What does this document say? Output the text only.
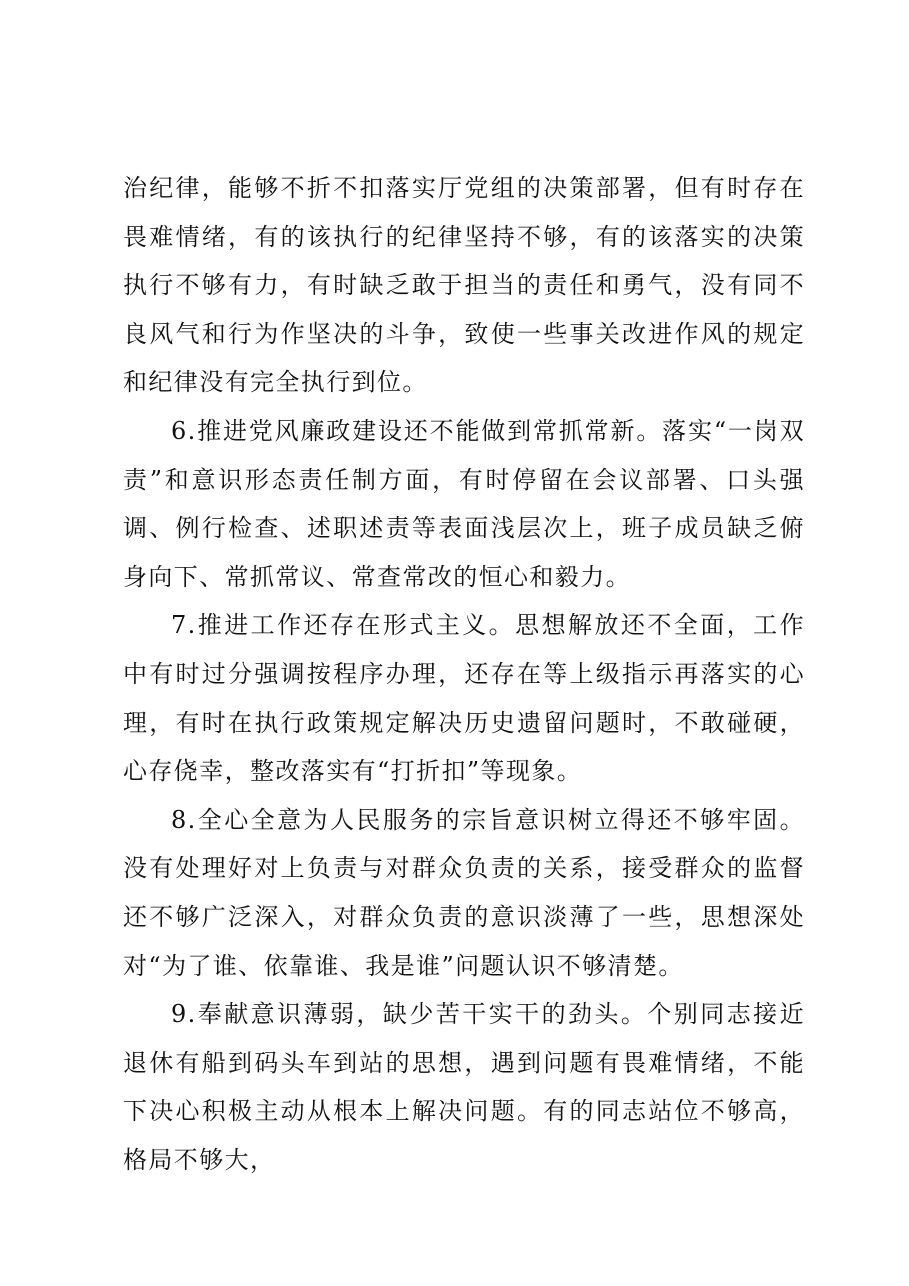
治纪律，能够不折不扣落实厅党组的决策部署，但有时存在畏难情绪，有的该执行的纪律坚持不够，有的该落实的决策执行不够有力，有时缺乏敢于担当的责任和勇气，没有同不良风气和行为作坚决的斗争，致使一些事关改进作风的规定和纪律没有完全执行到位。

6.推进党风廉政建设还不能做到常抓常新。落实“一岗双责”和意识形态责任制方面，有时停留在会议部署、口头强调、例行检查、述职述责等表面浅层次上，班子成员缺乏俯身向下、常抓常议、常查常改的恒心和毅力。

7.推进工作还存在形式主义。思想解放还不全面，工作中有时过分强调按程序办理，还存在等上级指示再落实的心理，有时在执行政策规定解决历史遗留问题时，不敢碰硬，心存侥幸，整改落实有“打折扣”等现象。

8.全心全意为人民服务的宗旨意识树立得还不够牢固。没有处理好对上负责与对群众负责的关系，接受群众的监督还不够广泛深入，对群众负责的意识淡薄了一些，思想深处对“为了谁、依靠谁、我是谁”问题认识不够清楚。

9.奉献意识薄弱，缺少苦干实干的劲头。个别同志接近退休有船到码头车到站的思想，遇到问题有畏难情绪，不能下决心积极主动从根本上解决问题。有的同志站位不够高，格局不够大，
